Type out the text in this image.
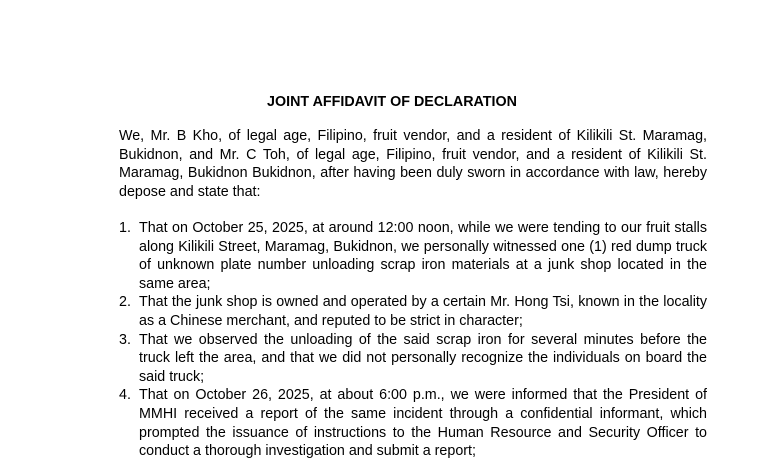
JOINT AFFIDAVIT OF DECLARATION
We, Mr. B Kho, of legal age, Filipino, fruit vendor, and a resident of Kilikili St. Maramag, Bukidnon, and Mr. C Toh, of legal age, Filipino, fruit vendor, and a resident of Kilikili St. Maramag, Bukidnon Bukidnon, after having been duly sworn in accordance with law, hereby depose and state that:
1. That on October 25, 2025, at around 12:00 noon, while we were tending to our fruit stalls along Kilikili Street, Maramag, Bukidnon, we personally witnessed one (1) red dump truck of unknown plate number unloading scrap iron materials at a junk shop located in the same area;
2. That the junk shop is owned and operated by a certain Mr. Hong Tsi, known in the locality as a Chinese merchant, and reputed to be strict in character;
3. That we observed the unloading of the said scrap iron for several minutes before the truck left the area, and that we did not personally recognize the individuals on board the said truck;
4. That on October 26, 2025, at about 6:00 p.m., we were informed that the President of MMHI received a report of the same incident through a confidential informant, which prompted the issuance of instructions to the Human Resource and Security Officer to conduct a thorough investigation and submit a report;
